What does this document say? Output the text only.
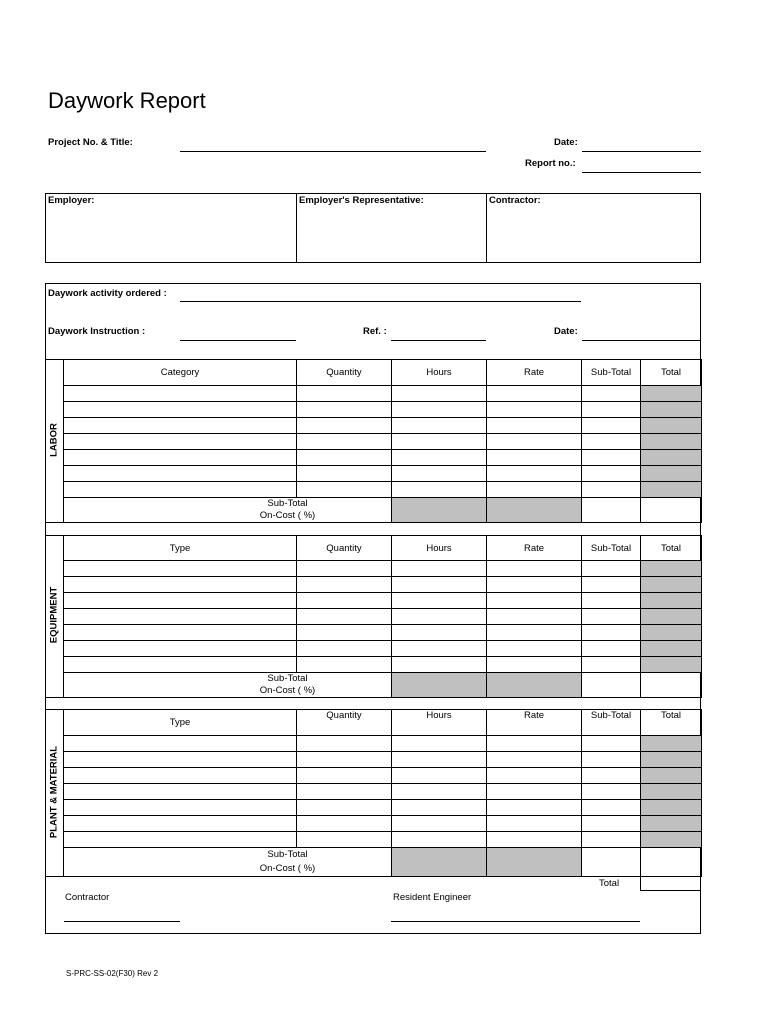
Daywork Report
Project No. & Title:	Date:
Report no.:
Employer:	Employer's Representative:	Contractor:
Daywork activity ordered :
Daywork Instruction :	Ref. :	Date:
LABOR
Category	Quantity	Hours	Rate	Sub-Total	Total

Sub-Total
On-Cost ( %)					
EQUIPMENT
Type	Quantity	Hours	Rate	Sub-Total	Total

Sub-Total
On-Cost ( %)					
PLANT & MATERIAL
Type	Quantity	Hours	Rate	Sub-Total	Total

Sub-Total
On-Cost ( %)					
Total
Contractor	Resident Engineer
S-PRC-SS-02(F30) Rev 2
